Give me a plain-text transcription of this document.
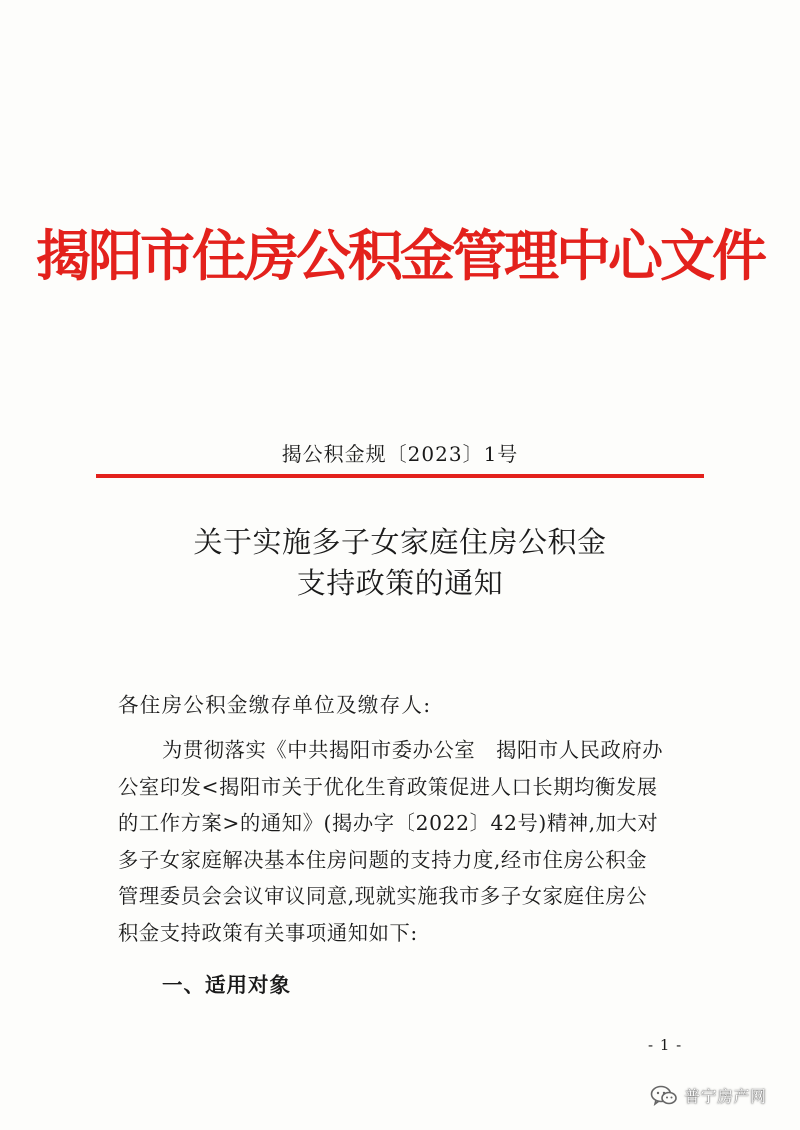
揭阳市住房公积金管理中心文件
揭公积金规〔2023〕1号
关于实施多子女家庭住房公积金
支持政策的通知
各住房公积金缴存单位及缴存人:
为贯彻落实《中共揭阳市委办公室　揭阳市人民政府办
公室印发<揭阳市关于优化生育政策促进人口长期均衡发展
的工作方案>的通知》(揭办字〔2022〕42号)精神,加大对
多子女家庭解决基本住房问题的支持力度,经市住房公积金
管理委员会会议审议同意,现就实施我市多子女家庭住房公
积金支持政策有关事项通知如下:
一、适用对象
- 1 -
普宁房产网
